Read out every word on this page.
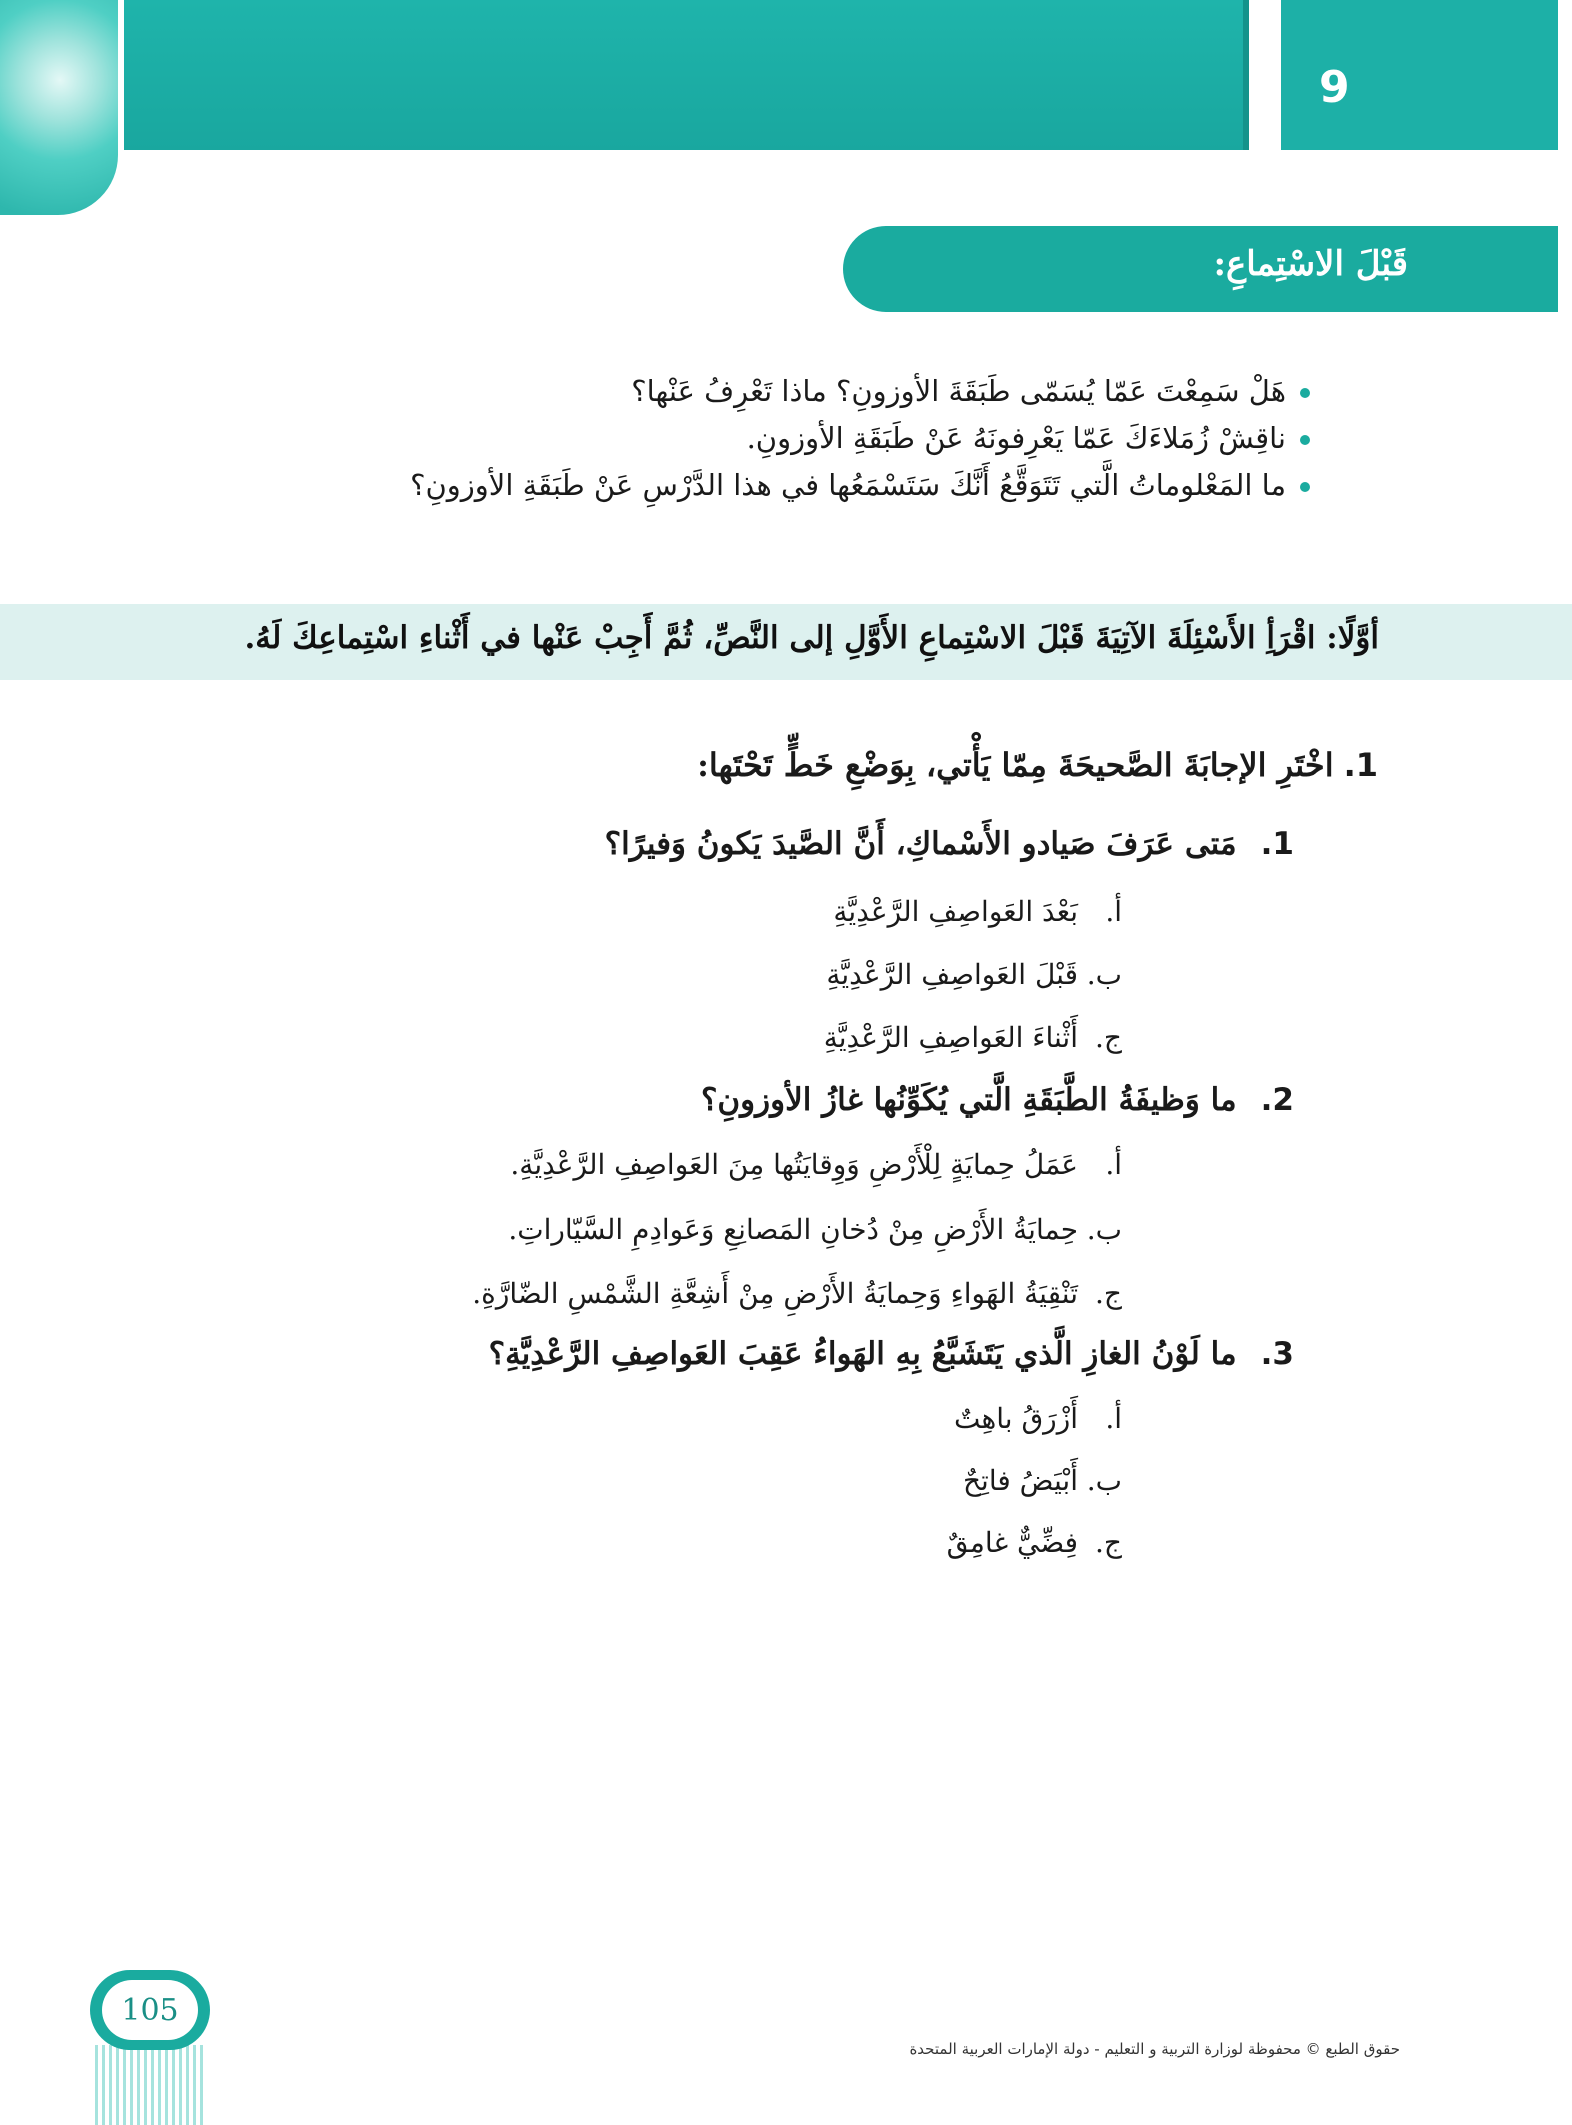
9
قَبْلَ الاسْتِماعِ:
هَلْ سَمِعْتَ عَمّا يُسَمّى طَبَقَةَ الأوزونِ؟ ماذا تَعْرِفُ عَنْها؟
ناقِشْ زُمَلاءَكَ عَمّا يَعْرِفونَهُ عَنْ طَبَقَةِ الأوزونِ.
ما المَعْلوماتُ الَّتي تَتَوَقَّعُ أَنَّكَ سَتَسْمَعُها في هذا الدَّرْسِ عَنْ طَبَقَةِ الأوزونِ؟
أوَّلًا: اقْرَأِ الأَسْئِلَةَ الآتِيَةَ قَبْلَ الاسْتِماعِ الأَوَّلِ إلى النَّصِّ، ثُمَّ أَجِبْ عَنْها في أَثْناءِ اسْتِماعِكَ لَهُ.
1.اخْتَرِ الإجابَةَ الصَّحيحَةَ مِمّا يَأْتي، بِوَضْعِ خَطٍّ تَحْتَها:
1.مَتى عَرَفَ صَيادو الأَسْماكِ، أَنَّ الصَّيدَ يَكونُ وَفيرًا؟
أ.بَعْدَ العَواصِفِ الرَّعْدِيَّةِ
ب.قَبْلَ العَواصِفِ الرَّعْدِيَّةِ
ج.أَثْناءَ العَواصِفِ الرَّعْدِيَّةِ
2.ما وَظيفَةُ الطَّبَقَةِ الَّتي يُكَوِّنُها غازُ الأوزونِ؟
أ.عَمَلُ حِمايَةٍ لِلْأَرْضِ وَوِقايَتُها مِنَ العَواصِفِ الرَّعْدِيَّةِ.
ب.حِمايَةُ الأَرْضِ مِنْ دُخانِ المَصانِعِ وَعَوادِمِ السَّيّاراتِ.
ج.تَنْقِيَةُ الهَواءِ وَحِمايَةُ الأَرْضِ مِنْ أَشِعَّةِ الشَّمْسِ الضّارَّةِ.
3.ما لَوْنُ الغازِ الَّذي يَتَشَبَّعُ بِهِ الهَواءُ عَقِبَ العَواصِفِ الرَّعْدِيَّةِ؟
أ.أَزْرَقُ باهِتٌ
ب.أَبْيَضُ فاتِحٌ
ج.فِضِّيٌّ غامِقٌ
105
حقوق الطبع © محفوظة لوزارة التربية و التعليم - دولة الإمارات العربية المتحدة
